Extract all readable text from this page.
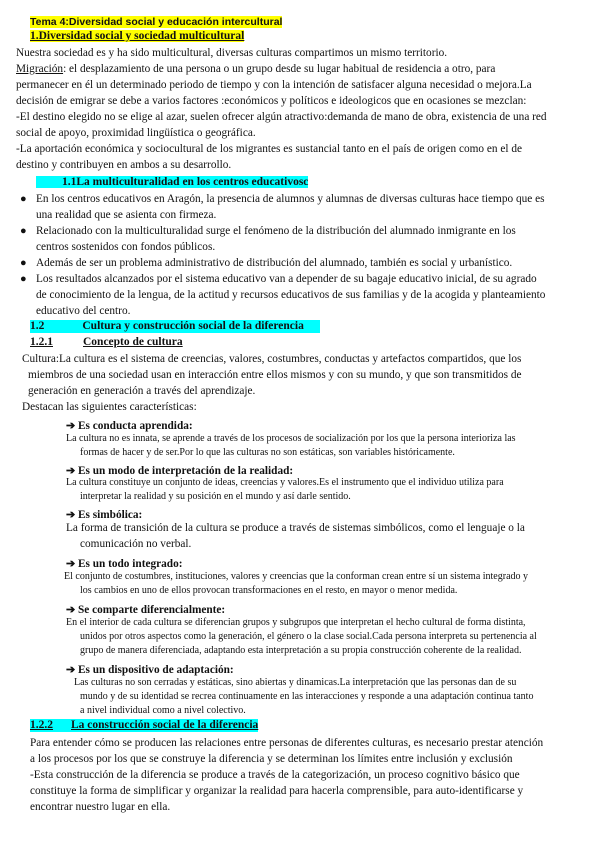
Tema 4:Diversidad social y educación intercultural
1.Diversidad social y sociedad multicultural
Nuestra sociedad es y ha sido multicultural, diversas culturas compartimos un mismo territorio.
Migración: el desplazamiento de una persona o un grupo desde su lugar habitual de residencia a otro, para
permanecer en él un determinado periodo de tiempo y con la intención de satisfacer alguna necesidad o mejora.La
decisión de emigrar se debe a varios factores :económicos y políticos e ideologicos que en ocasiones se mezclan:
-El destino elegido no se elige al azar, suelen ofrecer algún atractivo:demanda de mano de obra, existencia de una red
social de apoyo, proximidad lingüística o geográfica.
-La aportación económica y sociocultural de los migrantes es sustancial tanto en el país de origen como en el de
destino y contribuyen en ambos a su desarrollo.
1.1La multiculturalidad en los centros educativosc
● En los centros educativos en Aragón, la presencia de alumnos y alumnas de diversas culturas hace tiempo que es
una realidad que se asienta con firmeza.
● Relacionado con la multiculturalidad surge el fenómeno de la distribución del alumnado inmigrante en los
centros sostenidos con fondos públicos.
● Además de ser un problema administrativo de distribución del alumnado, también es social y urbanístico.
● Los resultados alcanzados por el sistema educativo van a depender de su bagaje educativo inicial, de su agrado
de conocimiento de la lengua, de la actitud y recursos educativos de sus familias y de la acogida y planteamiento
educativo del centro.
1.2	Cultura y construcción social de la diferencia
1.2.1	Concepto de cultura
Cultura:La cultura es el sistema de creencias, valores, costumbres, conductas y artefactos compartidos, que los
miembros de una sociedad usan en interacción entre ellos mismos y con su mundo, y que son transmitidos de
generación en generación a través del aprendizaje.
Destacan las siguientes características:
➔ Es conducta aprendida:
La cultura no es innata, se aprende a través de los procesos de socialización por los que la persona interioriza las
formas de hacer y de ser.Por lo que las culturas no son estáticas, son variables históricamente.
➔ Es un modo de interpretación de la realidad:
La cultura constituye un conjunto de ideas, creencias y valores.Es el instrumento que el individuo utiliza para
interpretar la realidad y su posición en el mundo y así darle sentido.
➔ Es simbólica:
La forma de transición de la cultura se produce a través de sistemas simbólicos, como el lenguaje o la
comunicación no verbal.
➔ Es un todo integrado:
El conjunto de costumbres, instituciones, valores y creencias que la conforman crean entre sí un sistema integrado y
los cambios en uno de ellos provocan transformaciones en el resto, en mayor o menor medida.
➔ Se comparte diferencialmente:
En el interior de cada cultura se diferencian grupos y subgrupos que interpretan el hecho cultural de forma distinta,
unidos por otros aspectos como la generación, el género o la clase social.Cada persona interpreta su pertenencia al
grupo de manera diferenciada, adaptando esta interpretación a su propia construcción coherente de la realidad.
➔ Es un dispositivo de adaptación:
Las culturas no son cerradas y estáticas, sino abiertas y dinamicas.La interpretación que las personas dan de su
mundo y de su identidad se recrea continuamente en las interacciones y responde a una adaptación continua tanto
a nivel individual como a nivel colectivo.
1.2.2 La construcción social de la diferencia
Para entender cómo se producen las relaciones entre personas de diferentes culturas, es necesario prestar atención
a los procesos por los que se construye la diferencia y se determinan los límites entre inclusión y exclusión
-Esta construcción de la diferencia se produce a través de la categorización, un proceso cognitivo básico que
constituye la forma de simplificar y organizar la realidad para hacerla comprensible, para auto-identificarse y
encontrar nuestro lugar en ella.
